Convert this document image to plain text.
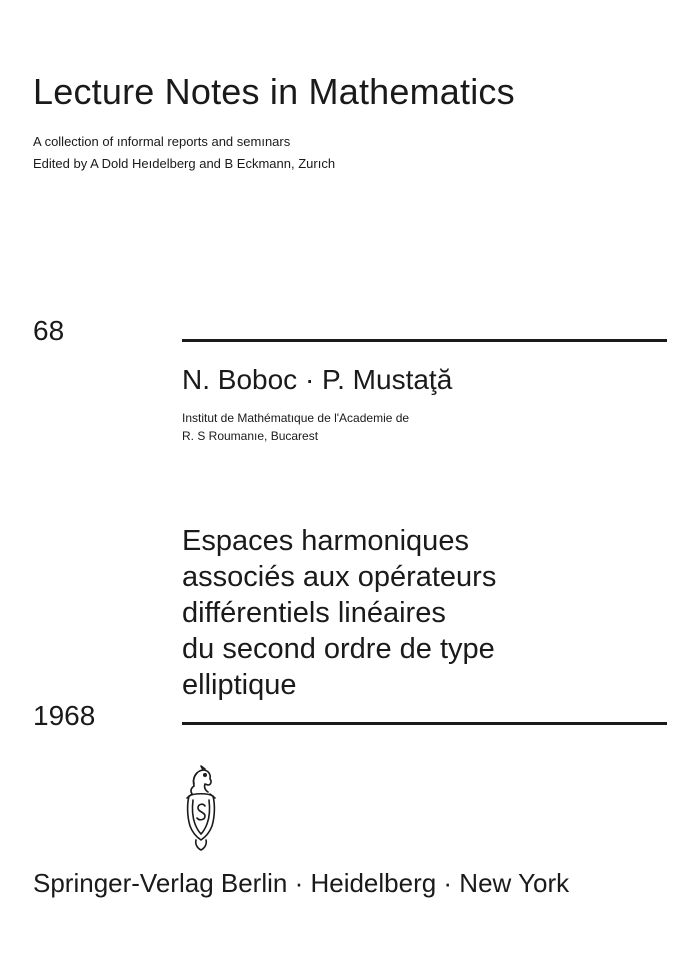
Lecture Notes in Mathematics
A collection of ınformal reports and semınars
Edited by A Dold Heıdelberg and B Eckmann, Zurıch
68
N. Boboc · P. Mustaţă
Institut de Mathématıque de l'Academie de
R. S Roumanıe, Bucarest
Espaces harmoniques
associés aux opérateurs
différentiels linéaires
du second ordre de type
elliptique
1968
Springer-Verlag Berlin · Heidelberg · New York
